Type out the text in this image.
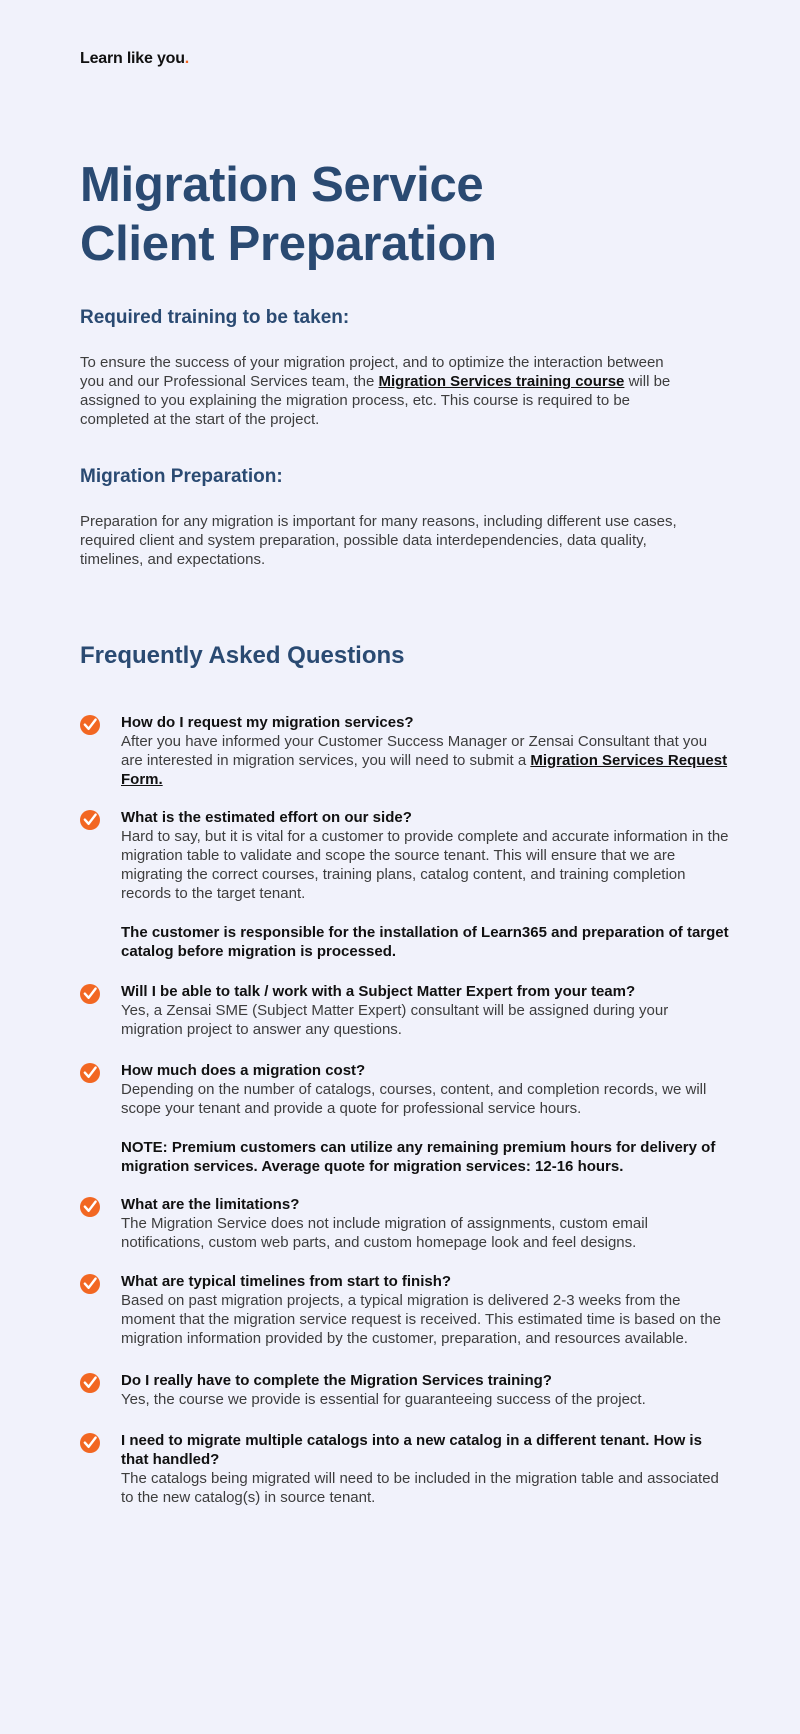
Learn like you.
Migration Service
Client Preparation
Required training to be taken:

To ensure the success of your migration project, and to optimize the interaction between you and our Professional Services team, the Migration Services training course will be assigned to you explaining the migration process, etc. This course is required to be completed at the start of the project.

Migration Preparation:

Preparation for any migration is important for many reasons, including different use cases, required client and system preparation, possible data interdependencies, data quality, timelines, and expectations.

Frequently Asked Questions

How do I request my migration services?

After you have informed your Customer Success Manager or Zensai Consultant that you are interested in migration services, you will need to submit a Migration Services Request Form.

What is the estimated effort on our side?

Hard to say, but it is vital for a customer to provide complete and accurate information in the migration table to validate and scope the source tenant. This will ensure that we are migrating the correct courses, training plans, catalog content, and training completion records to the target tenant.

The customer is responsible for the installation of Learn365 and preparation of target catalog before migration is processed.

Will I be able to talk / work with a Subject Matter Expert from your team?

Yes, a Zensai SME (Subject Matter Expert) consultant will be assigned during your migration project to answer any questions.

How much does a migration cost?

Depending on the number of catalogs, courses, content, and completion records, we will scope your tenant and provide a quote for professional service hours.

NOTE: Premium customers can utilize any remaining premium hours for delivery of migration services. Average quote for migration services: 12-16 hours.

What are the limitations?

The Migration Service does not include migration of assignments, custom email notifications, custom web parts, and custom homepage look and feel designs.

What are typical timelines from start to finish?

Based on past migration projects, a typical migration is delivered 2-3 weeks from the moment that the migration service request is received. This estimated time is based on the migration information provided by the customer, preparation, and resources available.

Do I really have to complete the Migration Services training?

Yes, the course we provide is essential for guaranteeing success of the project.

I need to migrate multiple catalogs into a new catalog in a different tenant. How is that handled?

The catalogs being migrated will need to be included in the migration table and associated to the new catalog(s) in source tenant.
